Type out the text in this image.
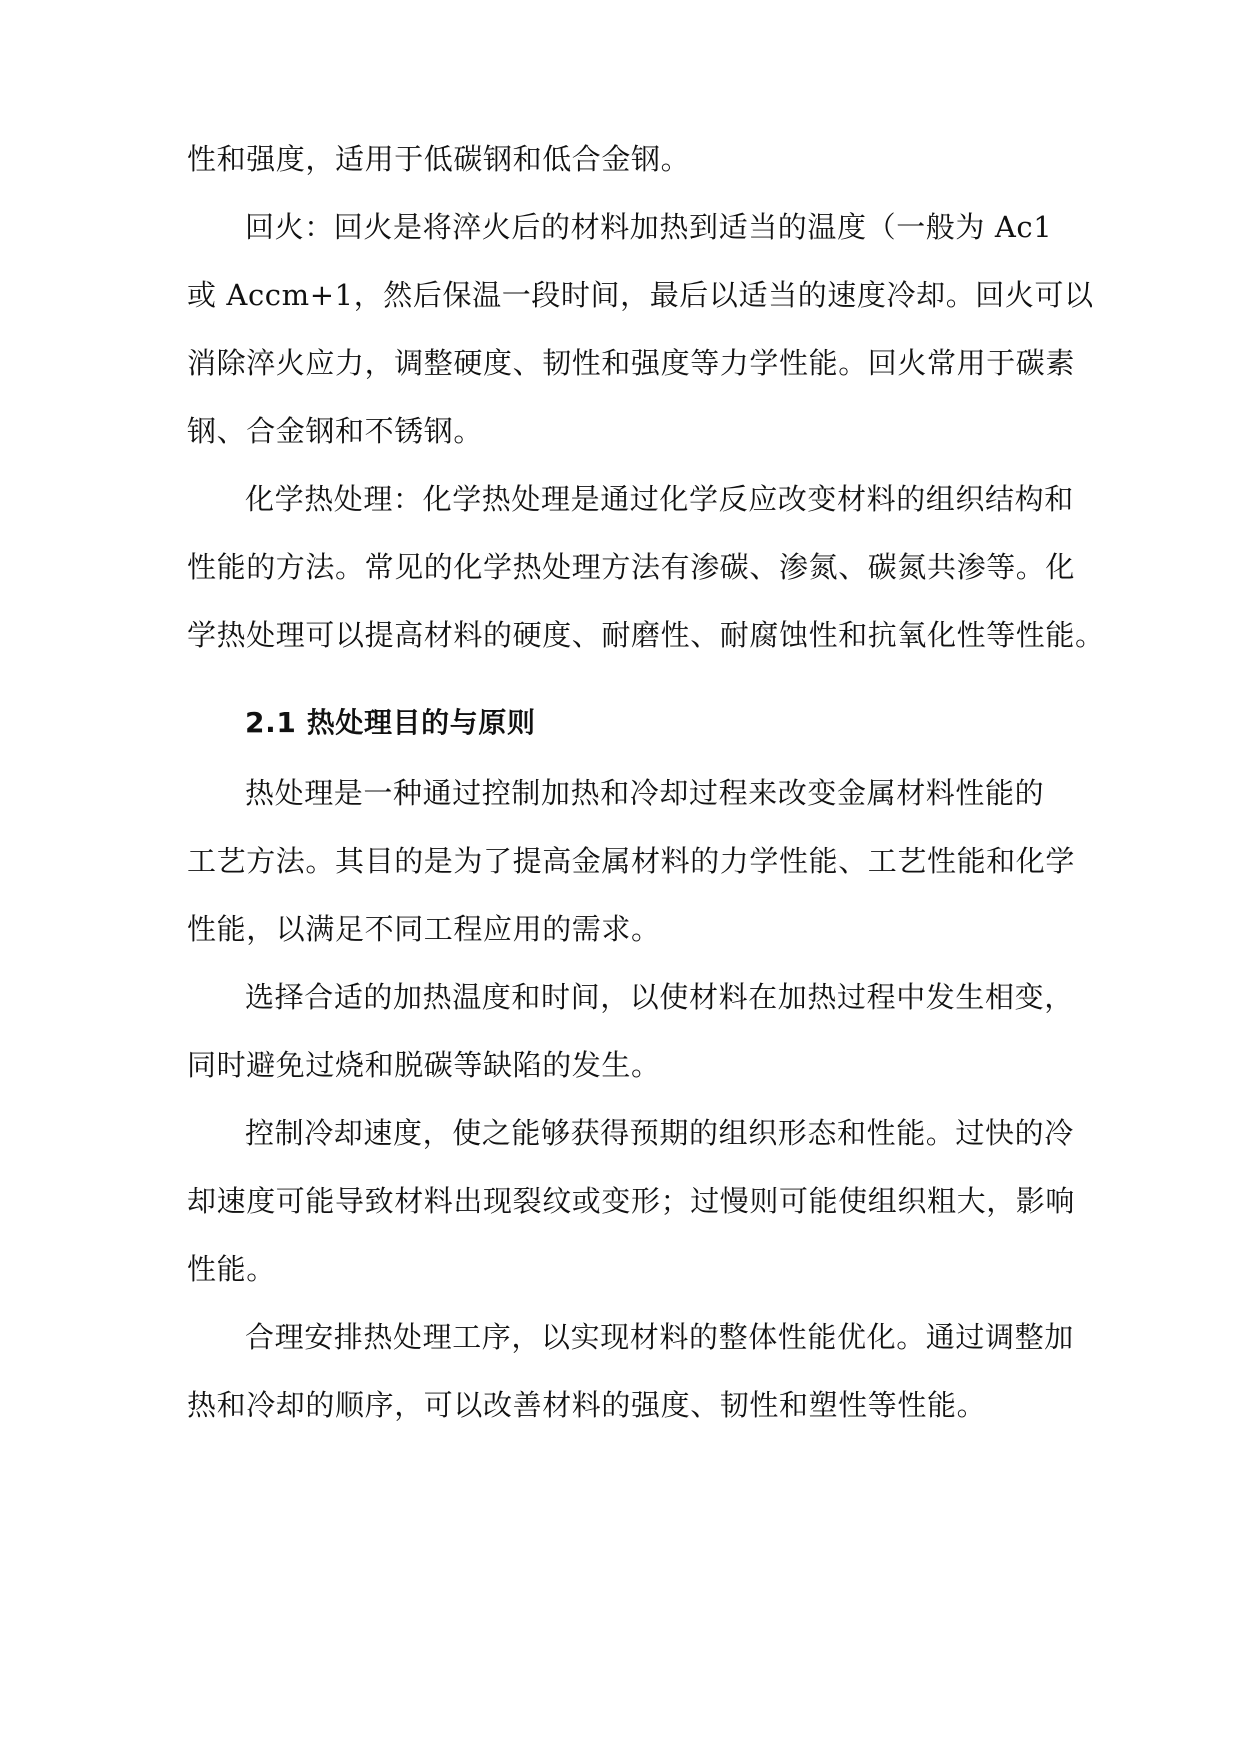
性和强度，适用于低碳钢和低合金钢。
回火：回火是将淬火后的材料加热到适当的温度（一般为 Ac1
或 Accm+1，然后保温一段时间，最后以适当的速度冷却。回火可以
消除淬火应力，调整硬度、韧性和强度等力学性能。回火常用于碳素
钢、合金钢和不锈钢。
化学热处理：化学热处理是通过化学反应改变材料的组织结构和
性能的方法。常见的化学热处理方法有渗碳、渗氮、碳氮共渗等。化
学热处理可以提高材料的硬度、耐磨性、耐腐蚀性和抗氧化性等性能。
2.1 热处理目的与原则
热处理是一种通过控制加热和冷却过程来改变金属材料性能的
工艺方法。其目的是为了提高金属材料的力学性能、工艺性能和化学
性能，以满足不同工程应用的需求。
选择合适的加热温度和时间，以使材料在加热过程中发生相变，
同时避免过烧和脱碳等缺陷的发生。
控制冷却速度，使之能够获得预期的组织形态和性能。过快的冷
却速度可能导致材料出现裂纹或变形；过慢则可能使组织粗大，影响
性能。
合理安排热处理工序，以实现材料的整体性能优化。通过调整加
热和冷却的顺序，可以改善材料的强度、韧性和塑性等性能。
